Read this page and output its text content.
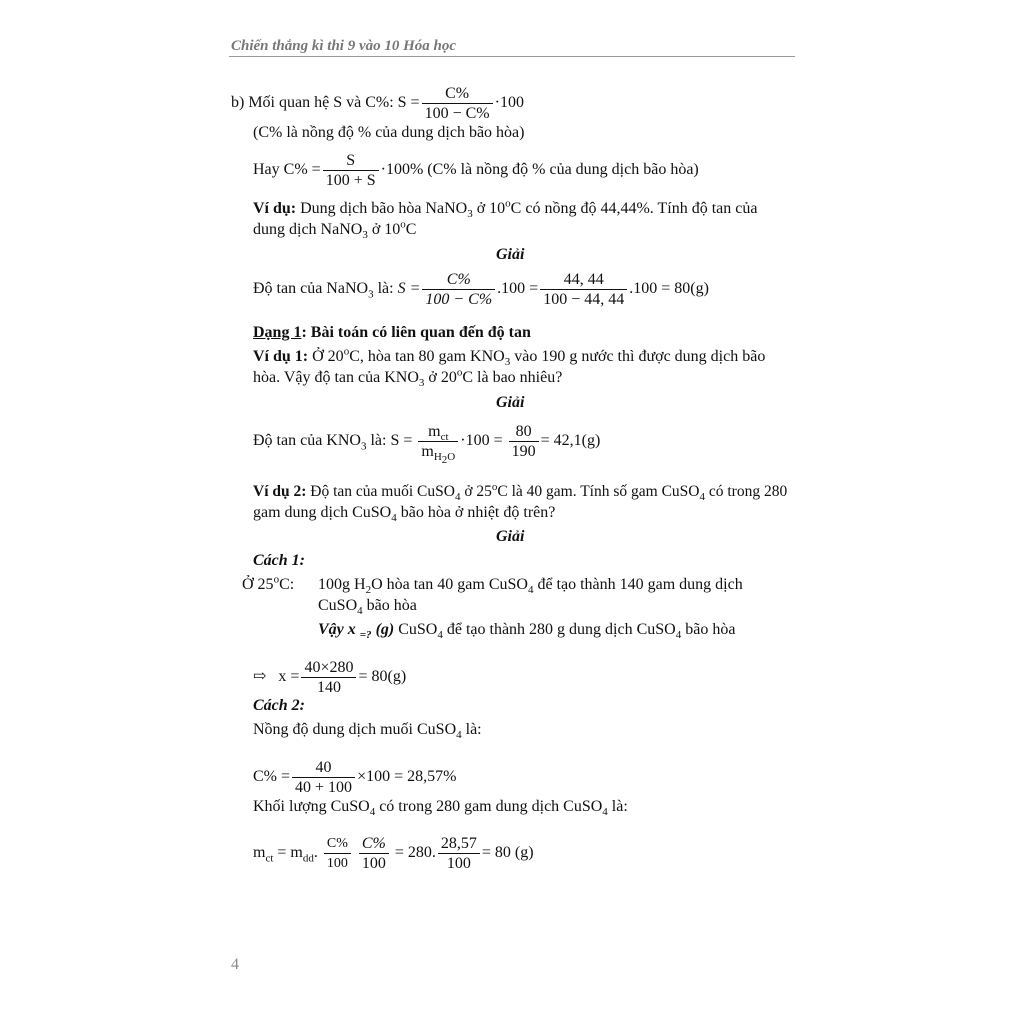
Chiến thắng kì thi 9 vào 10 Hóa học
b) Mối quan hệ S và C%: $S = \frac{C\%}{100 - C\%} \cdot 100$
(C% là nồng độ % của dung dịch bão hòa)
Hay $C\% = \frac{S}{100 + S} \cdot 100\%$ (C% là nồng độ % của dung dịch bão hòa)
Ví dụ: Dung dịch bão hòa NaNO$_3$ ở 10$^o$C có nồng độ 44,44%. Tính độ tan của
dung dịch NaNO$_3$ ở 10$^o$C
Giải
Độ tan của NaNO$_3$ là: $S = \frac{C\%}{100 - C\%} .100 = \frac{44, 44}{100 - 44, 44} .100 = 80(g)$
Dạng 1: Bài toán có liên quan đến độ tan
Ví dụ 1: Ở 20$^o$C, hòa tan 80 gam $KNO_3$ vào 190 g nước thì được dung dịch bão
hòa. Vậy độ tan của $KNO_3$ ở 20$^o$C là bao nhiêu?
Giải
Độ tan của $KNO_3$ là: $S = \frac{m_{ct}}{m_{H_2O}} \cdot 100 = \frac{80}{190} = 42,1(g)$
Ví dụ 2: Độ tan của muối CuSO$_4$ ở 25$^o$C là 40 gam. Tính số gam CuSO$_4$ có trong 280
gam dung dịch CuSO$_4$ bão hòa ở nhiệt độ trên?
Giải
Cách 1:
Ở 25$^o$C: 100g $H_2O$ hòa tan 40 gam CuSO$_4$ để tạo thành 140 gam dung dịch
CuSO$_4$ bão hòa
Vậy x $_{=?}$ (g) CuSO$_4$ để tạo thành 280 g dung dịch CuSO$_4$ bão hòa
⇨ $x = \frac{40\times 280}{140} = 80(g)$
Cách 2:
Nồng độ dung dịch muối CuSO$_4$ là:
$C\% = \frac{40}{40 + 100} \times 100 = 28,57\%$
Khối lượng CuSO$_4$ có trong 280 gam dung dịch CuSO$_4$ là:
$m_{ct} = m_{dd}$. $\frac{C\%}{100}$
$\frac{C\%}{100} = 280$. $\frac{28,57}{100} = 80$ (g)
4
